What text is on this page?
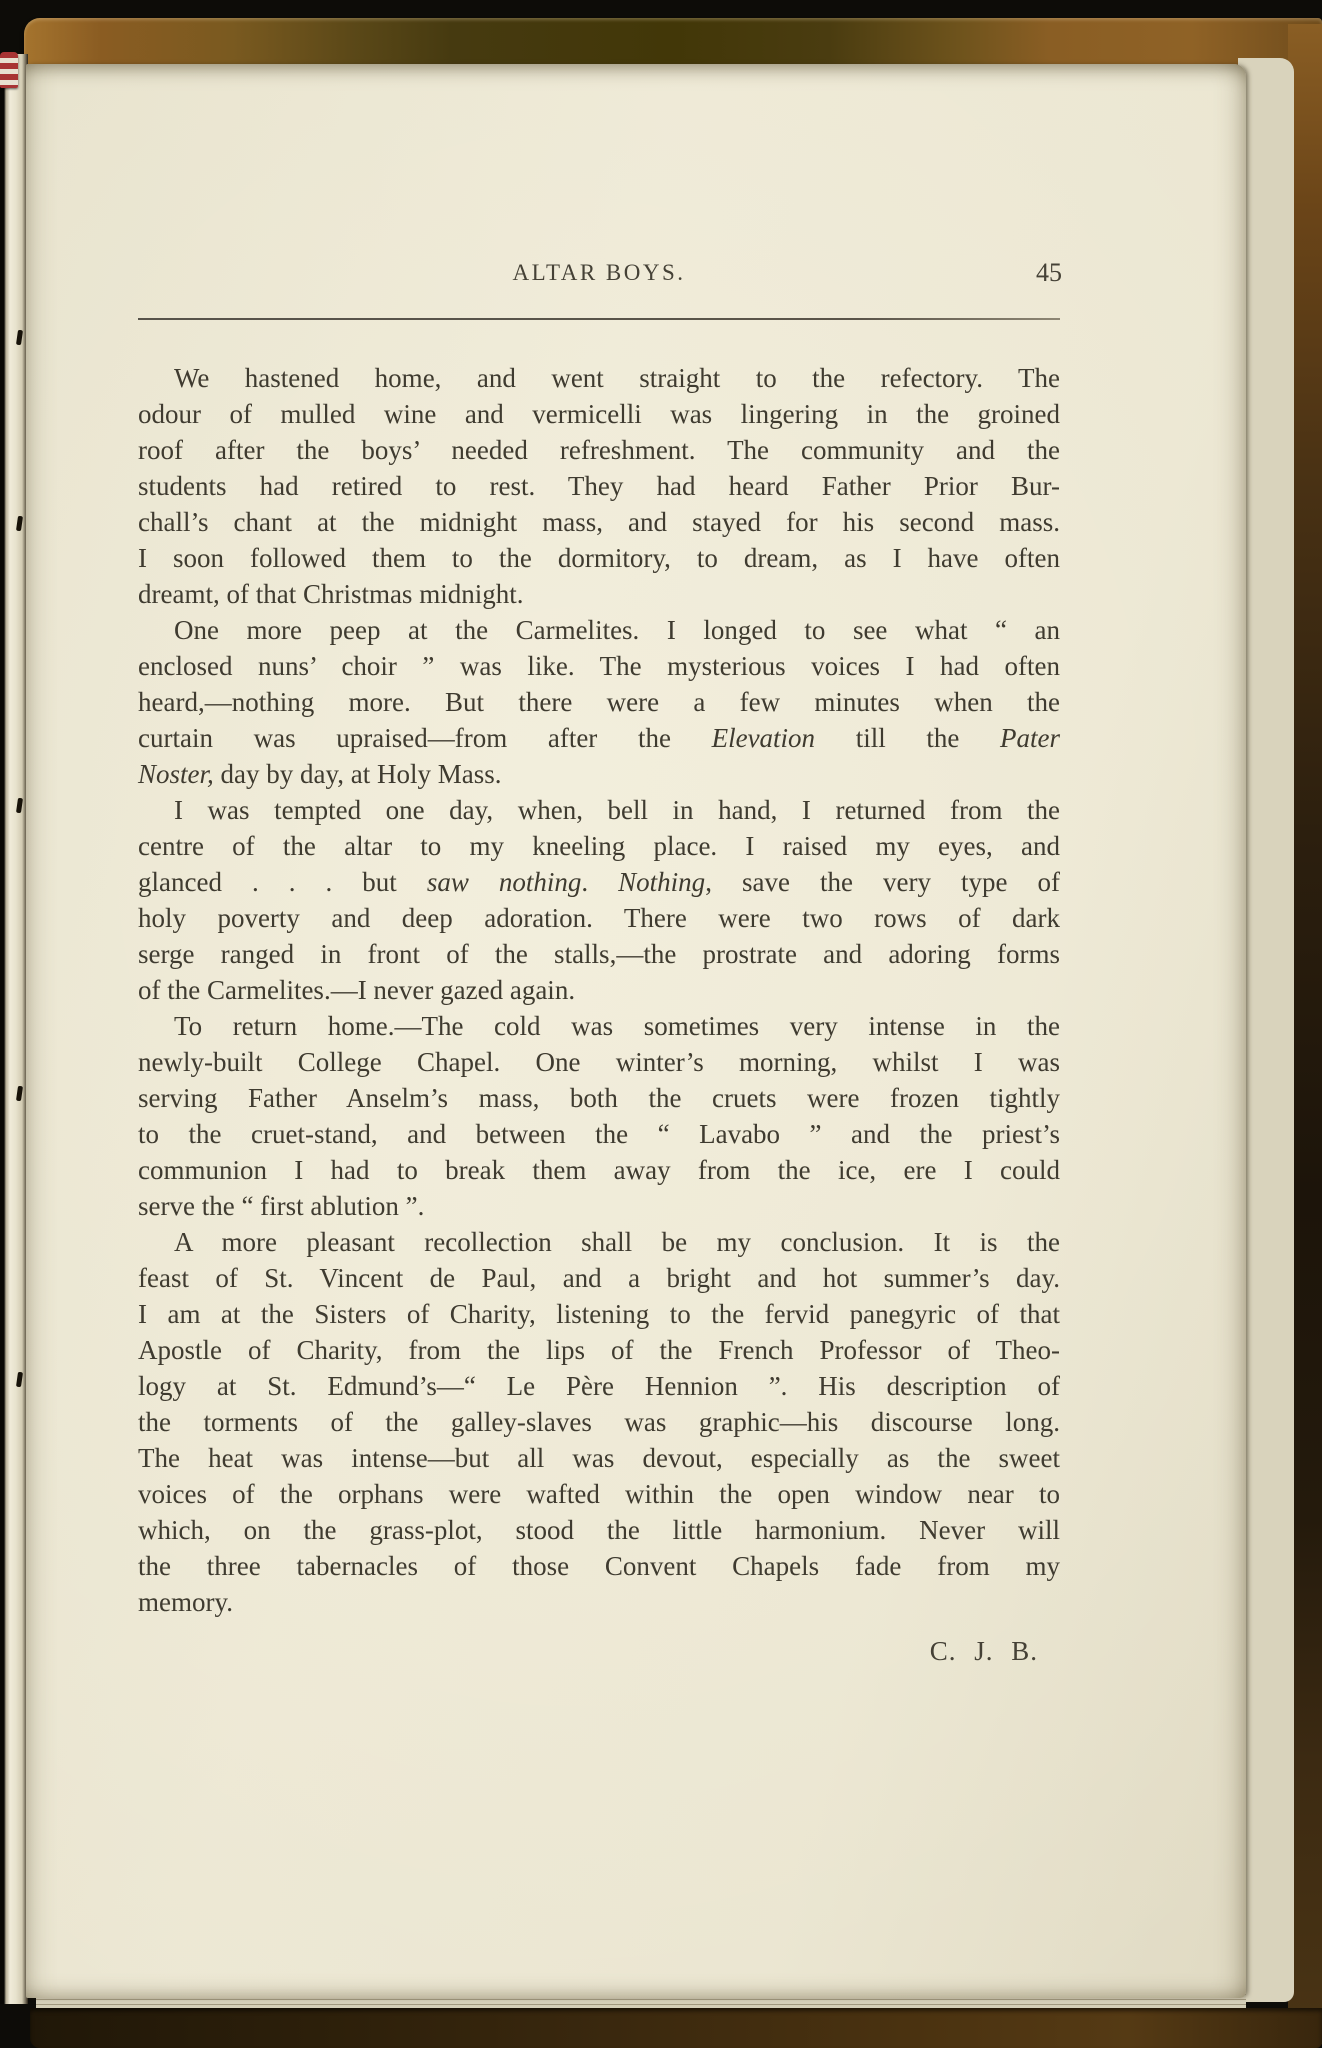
ALTAR BOYS.	45
We hastened home, and went straight to the refectory. The
odour of mulled wine and vermicelli was lingering in the groined
roof after the boys’ needed refreshment. The community and the
students had retired to rest. They had heard Father Prior Bur-
chall’s chant at the midnight mass, and stayed for his second mass.
I soon followed them to the dormitory, to dream, as I have often
dreamt, of that Christmas midnight.
One more peep at the Carmelites. I longed to see what “ an
enclosed nuns’ choir ” was like. The mysterious voices I had often
heard,—nothing more. But there were a few minutes when the
curtain was upraised—from after the Elevation till the Pater
Noster, day by day, at Holy Mass.
I was tempted one day, when, bell in hand, I returned from the
centre of the altar to my kneeling place. I raised my eyes, and
glanced . . . but saw nothing. Nothing, save the very type of
holy poverty and deep adoration. There were two rows of dark
serge ranged in front of the stalls,—the prostrate and adoring forms
of the Carmelites.—I never gazed again.
To return home.—The cold was sometimes very intense in the
newly-built College Chapel. One winter’s morning, whilst I was
serving Father Anselm’s mass, both the cruets were frozen tightly
to the cruet-stand, and between the “ Lavabo ” and the priest’s
communion I had to break them away from the ice, ere I could
serve the “ first ablution ”.
A more pleasant recollection shall be my conclusion. It is the
feast of St. Vincent de Paul, and a bright and hot summer’s day.
I am at the Sisters of Charity, listening to the fervid panegyric of that
Apostle of Charity, from the lips of the French Professor of Theo-
logy at St. Edmund’s—“ Le Père Hennion ”. His description of
the torments of the galley-slaves was graphic—his discourse long.
The heat was intense—but all was devout, especially as the sweet
voices of the orphans were wafted within the open window near to
which, on the grass-plot, stood the little harmonium. Never will
the three tabernacles of those Convent Chapels fade from my
memory.
C. J. B.
